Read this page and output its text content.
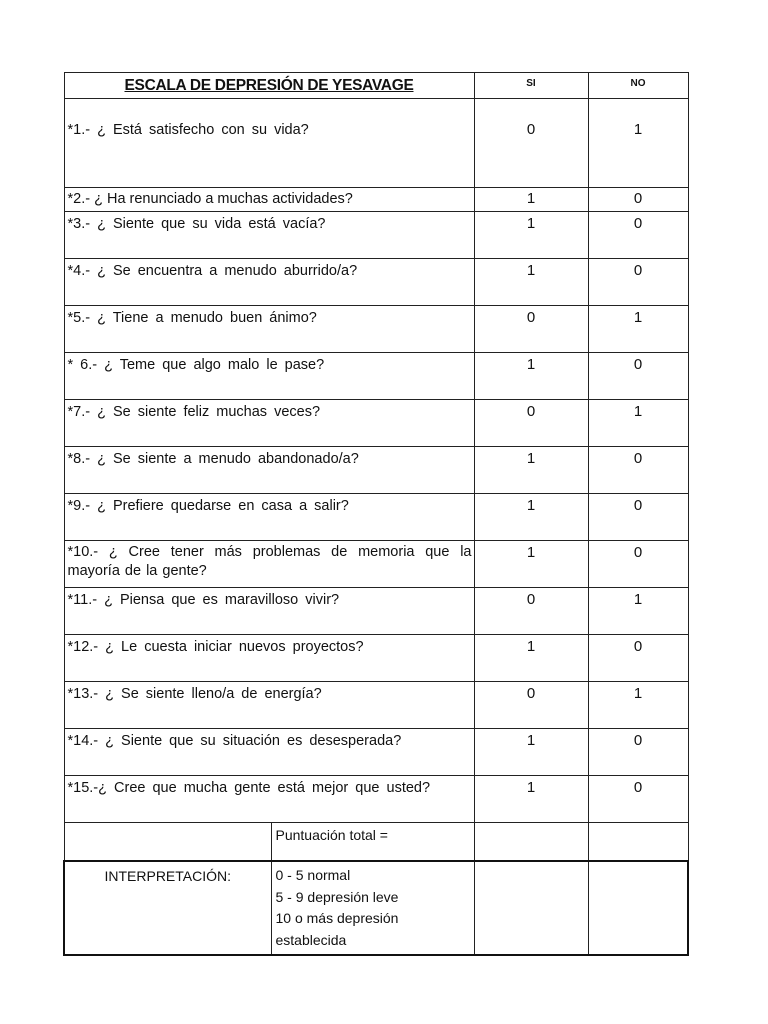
ESCALA DE DEPRESIÓN DE YESAVAGE		SI	NO
*1.- ¿ Está satisfecho con su vida?		0	1
*2.- ¿ Ha renunciado a muchas actividades?		1	0
*3.- ¿ Siente que su vida está vacía?		1	0
*4.- ¿ Se encuentra a menudo aburrido/a?		1	0
*5.- ¿ Tiene a menudo buen ánimo?		0	1
* 6.- ¿ Teme que algo malo le pase?		1	0
*7.- ¿ Se siente feliz muchas veces?		0	1
*8.- ¿ Se siente a menudo abandonado/a?		1	0
*9.- ¿ Prefiere quedarse en casa a salir?		1	0
*10.- ¿ Cree tener más problemas de memoria que la mayoría de la gente?		1	0
*11.- ¿ Piensa que es maravilloso vivir?		0	1
*12.- ¿ Le cuesta iniciar nuevos proyectos?		1	0
*13.- ¿ Se siente lleno/a de energía?		0	1
*14.- ¿ Siente que su situación es desesperada?		1	0
*15.-¿ Cree que mucha gente está mejor que usted?		1	0
	Puntuación total =		
INTERPRETACIÓN:	0 - 5 normal
5 - 9 depresión leve
10 o más depresión
establecida		
